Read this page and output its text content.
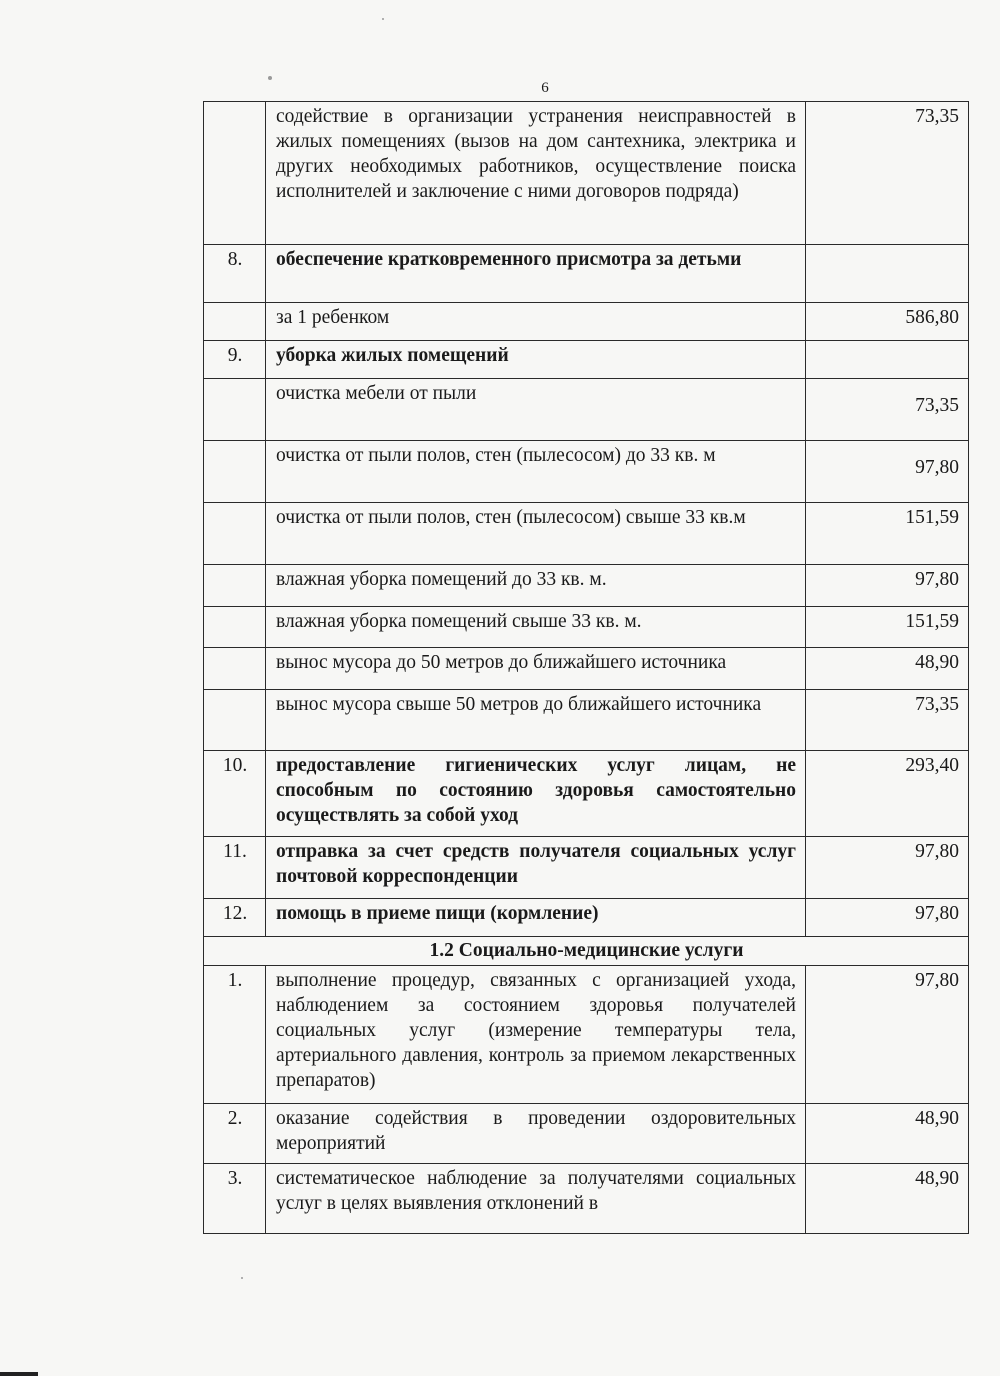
6
	содействие в организации устранения неисправностей в жилых помещениях (вызов на дом сантехника, электрика и других необходимых работников, осуществление поиска исполнителей и заключение с ними договоров подряда)	73,35
8.	обеспечение кратковременного присмотра за детьми	
	за 1 ребенком	586,80
9.	уборка жилых помещений	
	очистка мебели от пыли	73,35
	очистка от пыли полов, стен (пылесосом) до 33 кв. м	97,80
	очистка от пыли полов, стен (пылесосом) свыше 33 кв.м	151,59
	влажная уборка помещений до 33 кв. м.	97,80
	влажная уборка помещений свыше 33 кв. м.	151,59
	вынос мусора до 50 метров до ближайшего источника	48,90
	вынос мусора свыше 50 метров до ближайшего источника	73,35
10.	предоставление гигиенических услуг лицам, не способным по состоянию здоровья самостоятельно осуществлять за собой уход	293,40
11.	отправка за счет средств получателя социальных услуг почтовой корреспонденции	97,80
12.	помощь в приеме пищи (кормление)	97,80
1.2 Социально-медицинские услуги		
1.	выполнение процедур, связанных с организацией ухода, наблюдением за состоянием здоровья получателей социальных услуг (измерение температуры тела, артериального давления, контроль за приемом лекарственных препаратов)	97,80
2.	оказание содействия в проведении оздоровительных мероприятий	48,90
3.	систематическое наблюдение за получателями социальных услуг в целях выявления отклонений в	48,90
